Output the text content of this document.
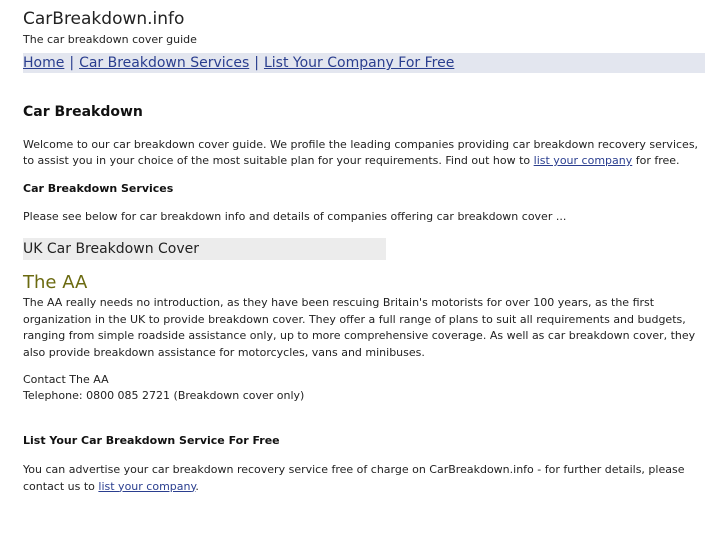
CarBreakdown.info
The car breakdown cover guide
Home | Car Breakdown Services | List Your Company For Free
Car Breakdown
Welcome to our car breakdown cover guide. We profile the leading companies providing car breakdown recovery services, to assist you in your choice of the most suitable plan for your requirements. Find out how to list your company for free.
Car Breakdown Services
Please see below for car breakdown info and details of companies offering car breakdown cover ...
UK Car Breakdown Cover
The AA
The AA really needs no introduction, as they have been rescuing Britain's motorists for over 100 years, as the first organization in the UK to provide breakdown cover. They offer a full range of plans to suit all requirements and budgets, ranging from simple roadside assistance only, up to more comprehensive coverage. As well as car breakdown cover, they also provide breakdown assistance for motorcycles, vans and minibuses.
Contact The AA
Telephone: 0800 085 2721 (Breakdown cover only)
List Your Car Breakdown Service For Free
You can advertise your car breakdown recovery service free of charge on CarBreakdown.info - for further details, please contact us to list your company.
